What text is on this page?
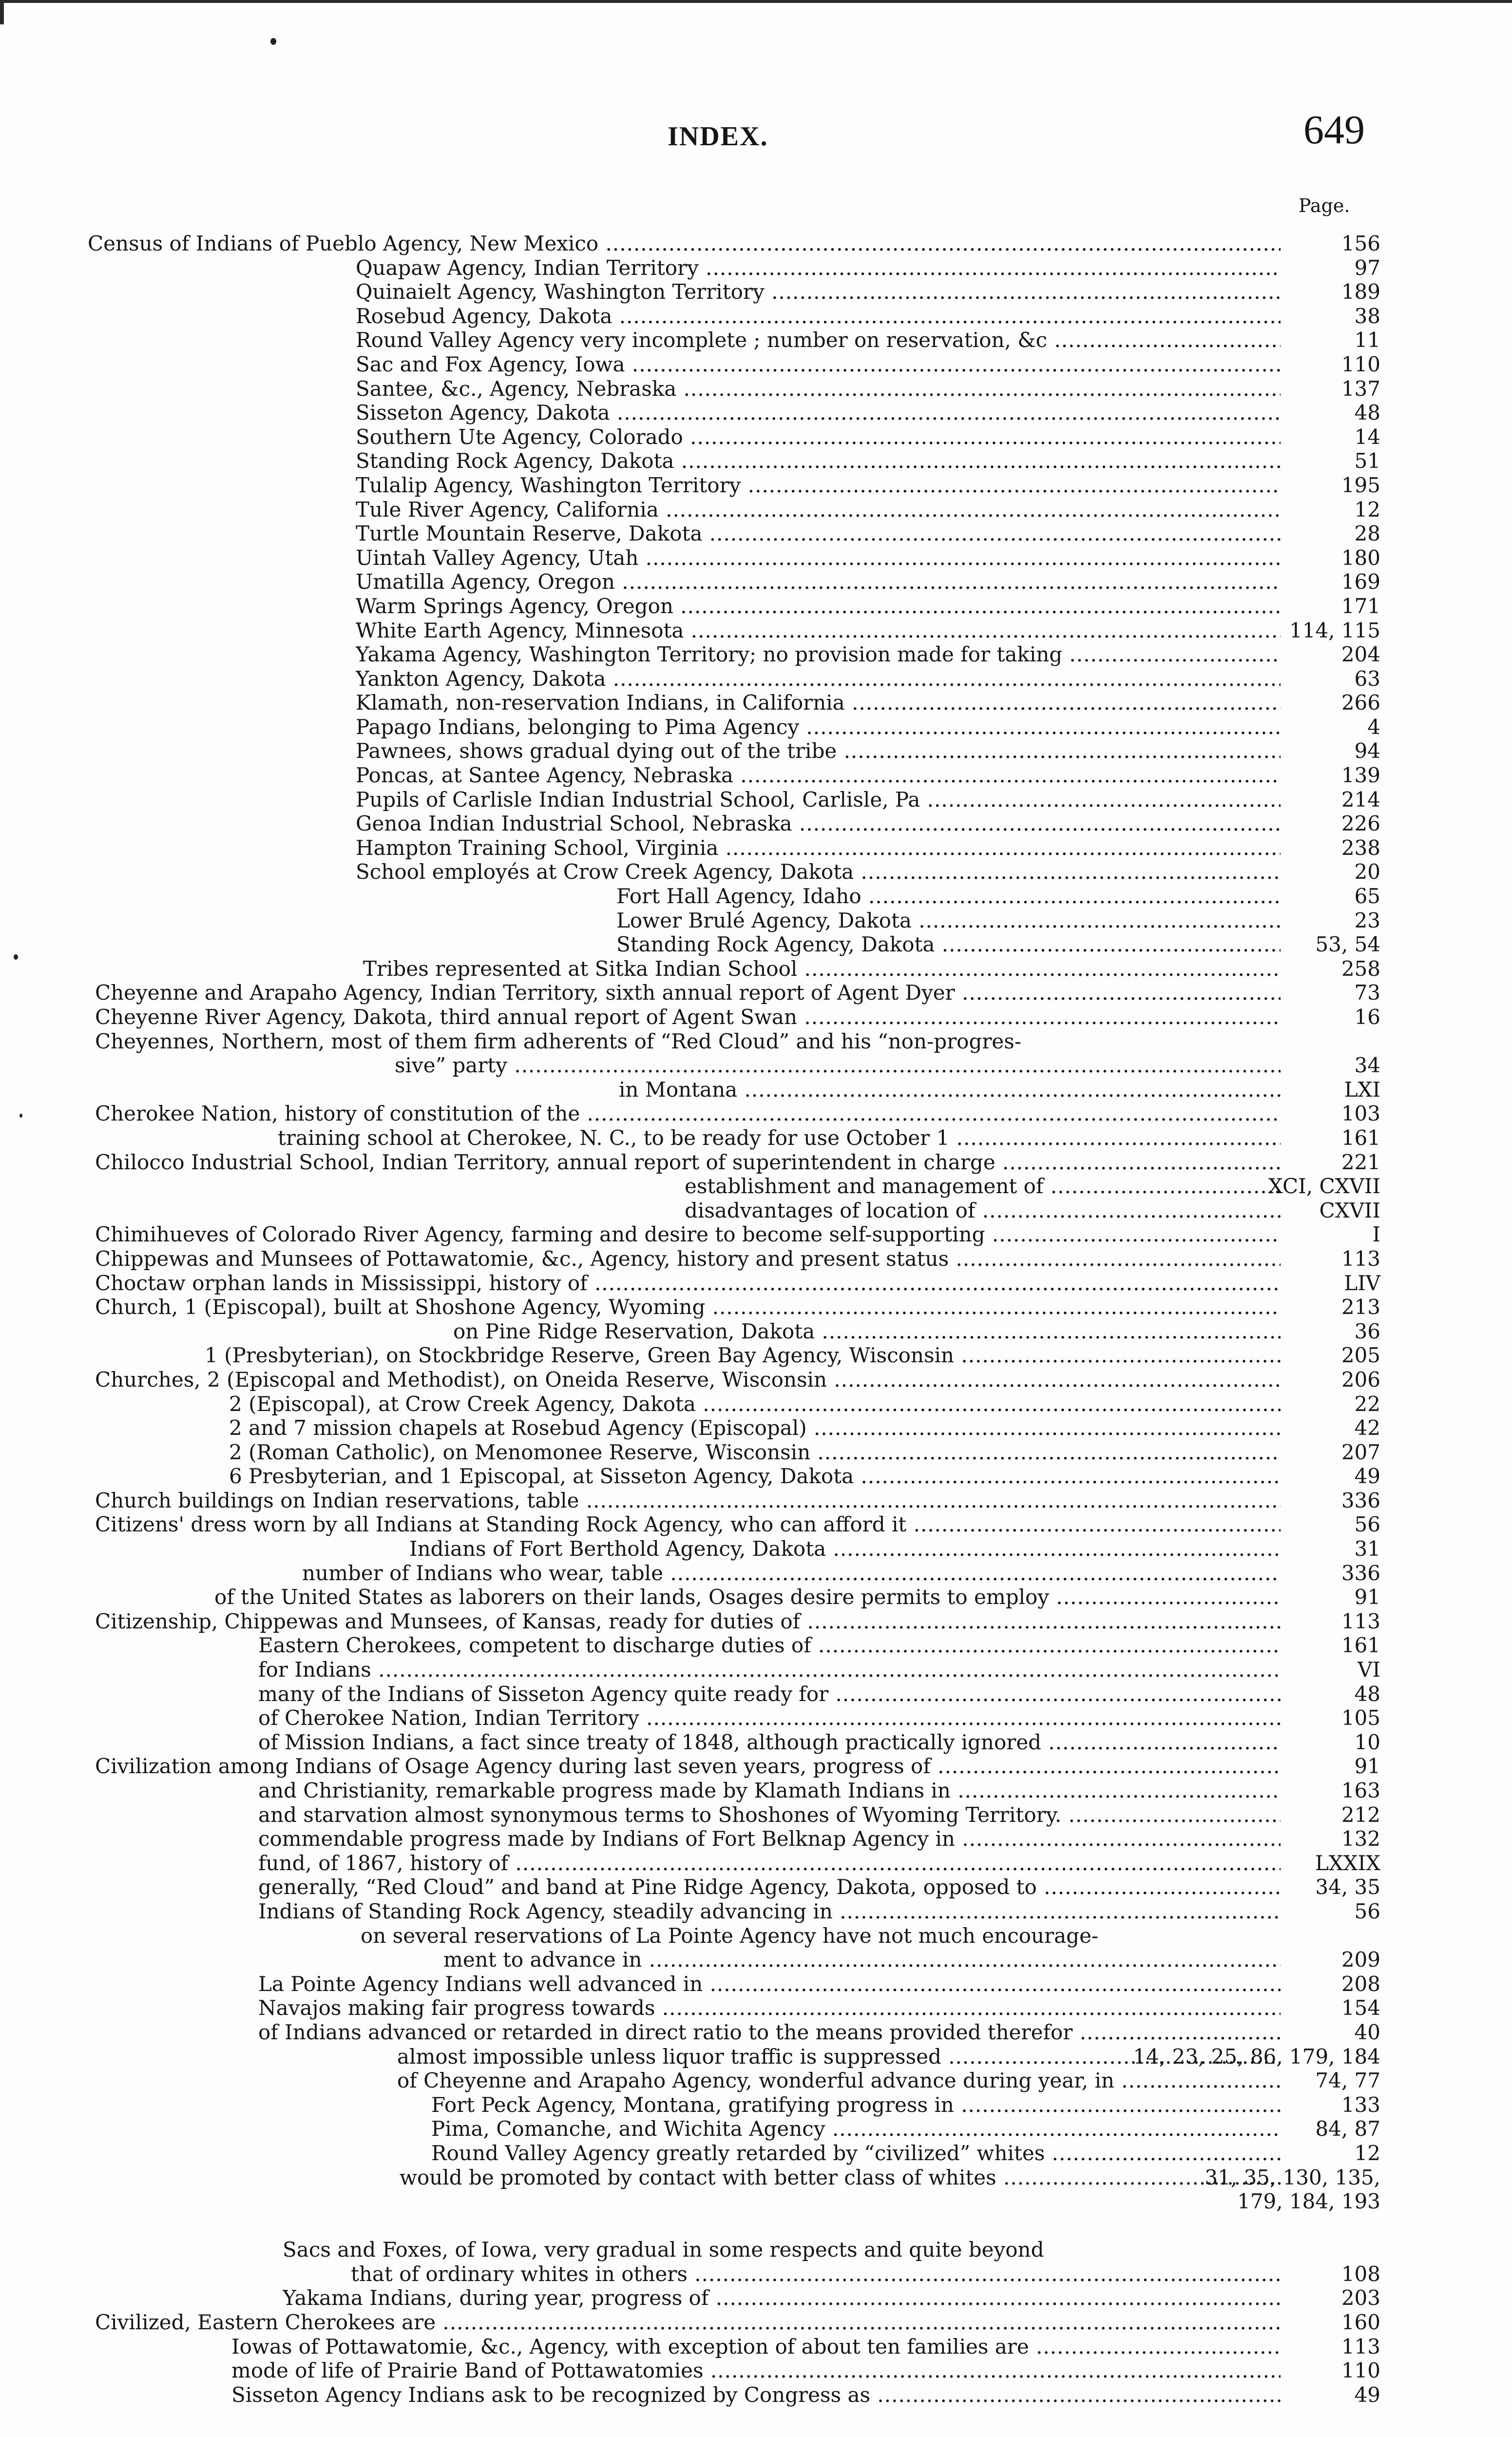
INDEX.	649
Page.
Census of Indians of Pueblo Agency, New Mexico .....	156
Quapaw Agency, Indian Territory .....	97
Quinaielt Agency, Washington Territory .....	189
Rosebud Agency, Dakota .....	38
Round Valley Agency very incomplete ; number on reservation, &c .....	11
Sac and Fox Agency, Iowa .....	110
Santee, &c., Agency, Nebraska .....	137
Sisseton Agency, Dakota .....	48
Southern Ute Agency, Colorado .....	14
Standing Rock Agency, Dakota .....	51
Tulalip Agency, Washington Territory .....	195
Tule River Agency, California .....	12
Turtle Mountain Reserve, Dakota .....	28
Uintah Valley Agency, Utah .....	180
Umatilla Agency, Oregon .....	169
Warm Springs Agency, Oregon .....	171
White Earth Agency, Minnesota .....	114, 115
Yakama Agency, Washington Territory; no provision made for taking .....	204
Yankton Agency, Dakota .....	63
Klamath, non-reservation Indians, in California .....	266
Papago Indians, belonging to Pima Agency .....	4
Pawnees, shows gradual dying out of the tribe .....	94
Poncas, at Santee Agency, Nebraska .....	139
Pupils of Carlisle Indian Industrial School, Carlisle, Pa .....	214
Genoa Indian Industrial School, Nebraska .....	226
Hampton Training School, Virginia .....	238
School employés at Crow Creek Agency, Dakota .....	20
Fort Hall Agency, Idaho .....	65
Lower Brulé Agency, Dakota .....	23
Standing Rock Agency, Dakota .....	53, 54
Tribes represented at Sitka Indian School .....	258
Cheyenne and Arapaho Agency, Indian Territory, sixth annual report of Agent Dyer .....	73
Cheyenne River Agency, Dakota, third annual report of Agent Swan .....	16
Cheyennes, Northern, most of them firm adherents of “Red Cloud” and his “non-progres-
sive” party .....	34
in Montana .....	LXI
Cherokee Nation, history of constitution of the .....	103
training school at Cherokee, N. C., to be ready for use October 1 .....	161
Chilocco Industrial School, Indian Territory, annual report of superintendent in charge .....	221
establishment and management of .....	XCI, CXVII
disadvantages of location of .....	CXVII
Chimihueves of Colorado River Agency, farming and desire to become self-supporting .....	I
Chippewas and Munsees of Pottawatomie, &c., Agency, history and present status .....	113
Choctaw orphan lands in Mississippi, history of .....	LIV
Church, 1 (Episcopal), built at Shoshone Agency, Wyoming .....	213
on Pine Ridge Reservation, Dakota .....	36
1 (Presbyterian), on Stockbridge Reserve, Green Bay Agency, Wisconsin .....	205
Churches, 2 (Episcopal and Methodist), on Oneida Reserve, Wisconsin .....	206
2 (Episcopal), at Crow Creek Agency, Dakota .....	22
2 and 7 mission chapels at Rosebud Agency (Episcopal) .....	42
2 (Roman Catholic), on Menomonee Reserve, Wisconsin .....	207
6 Presbyterian, and 1 Episcopal, at Sisseton Agency, Dakota .....	49
Church buildings on Indian reservations, table .....	336
Citizens' dress worn by all Indians at Standing Rock Agency, who can afford it .....	56
Indians of Fort Berthold Agency, Dakota .....	31
number of Indians who wear, table .....	336
of the United States as laborers on their lands, Osages desire permits to employ .....	91
Citizenship, Chippewas and Munsees, of Kansas, ready for duties of .....	113
Eastern Cherokees, competent to discharge duties of .....	161
for Indians .....	VI
many of the Indians of Sisseton Agency quite ready for .....	48
of Cherokee Nation, Indian Territory .....	105
of Mission Indians, a fact since treaty of 1848, although practically ignored .....	10
Civilization among Indians of Osage Agency during last seven years, progress of .....	91
and Christianity, remarkable progress made by Klamath Indians in .....	163
and starvation almost synonymous terms to Shoshones of Wyoming Territory. .....	212
commendable progress made by Indians of Fort Belknap Agency in .....	132
fund, of 1867, history of .....	LXXIX
generally, “Red Cloud” and band at Pine Ridge Agency, Dakota, opposed to .....	34, 35
Indians of Standing Rock Agency, steadily advancing in .....	56
on several reservations of La Pointe Agency have not much encourage-
ment to advance in .....	209
La Pointe Agency Indians well advanced in .....	208
Navajos making fair progress towards .....	154
of Indians advanced or retarded in direct ratio to the means provided therefor .....	40
almost impossible unless liquor traffic is suppressed .....	14, 23, 25, 86, 179, 184
of Cheyenne and Arapaho Agency, wonderful advance during year, in .....	74, 77
Fort Peck Agency, Montana, gratifying progress in .....	133
Pima, Comanche, and Wichita Agency .....	84, 87
Round Valley Agency greatly retarded by “civilized” whites .....	12
would be promoted by contact with better class of whites .....	31, 35, 130, 135,
179, 184, 193
Sacs and Foxes, of Iowa, very gradual in some respects and quite beyond
that of ordinary whites in others .....	108
Yakama Indians, during year, progress of .....	203
Civilized, Eastern Cherokees are .....	160
Iowas of Pottawatomie, &c., Agency, with exception of about ten families are .....	113
mode of life of Prairie Band of Pottawatomies .....	110
Sisseton Agency Indians ask to be recognized by Congress as .....	49
